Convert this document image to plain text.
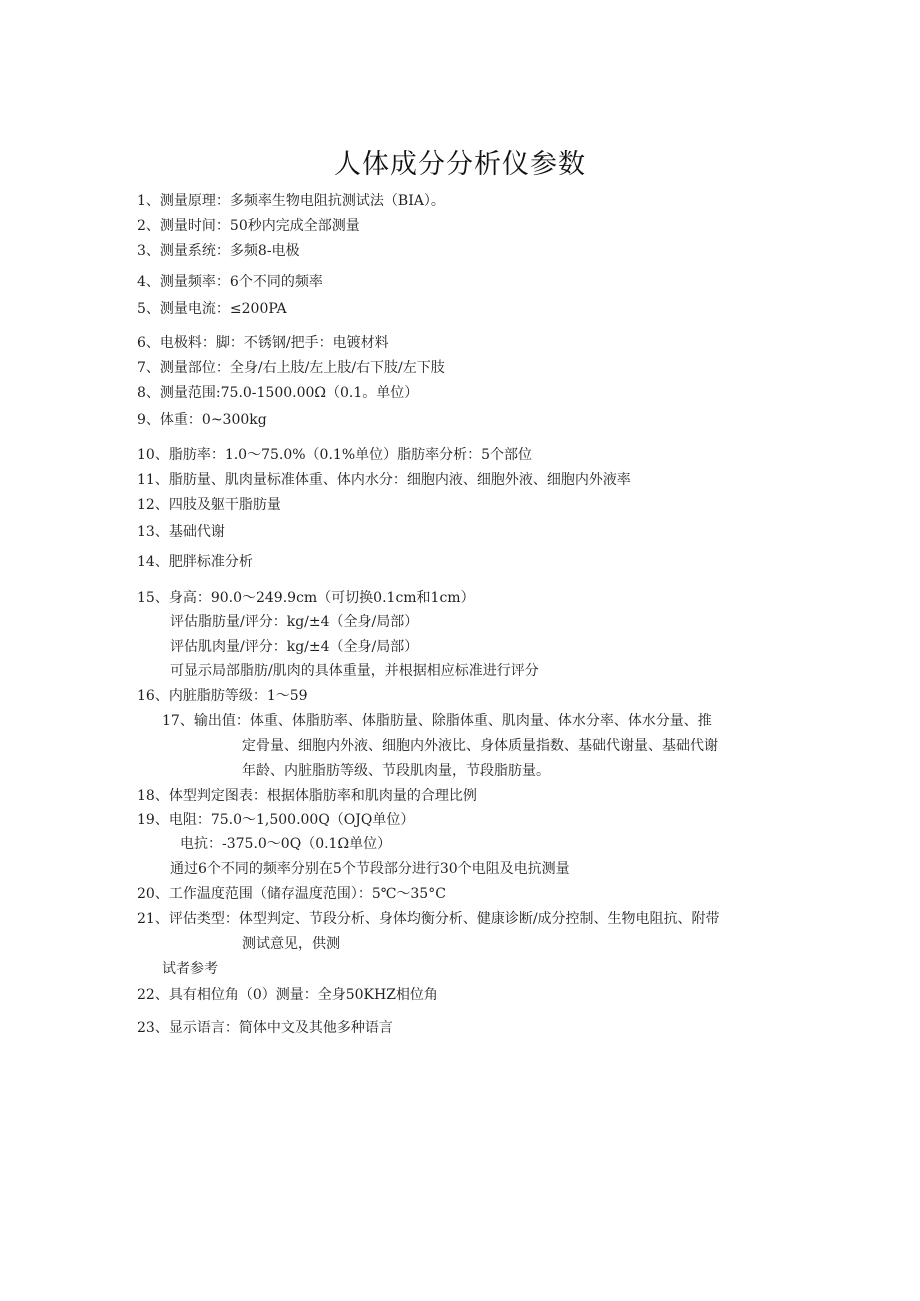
人体成分分析仪参数
1、测量原理：多频率生物电阻抗测试法（BIA）。
2、测量时间：50秒内完成全部测量
3、测量系统：多频8-电极
4、测量频率：6个不同的频率
5、测量电流：≤200PA
6、电极料：脚：不锈钢/把手：电镀材料
7、测量部位：全身/右上肢/左上肢/右下肢/左下肢
8、测量范围:75.0-1500.00Ω（0.1。单位）
9、体重：0~300kg
10、脂肪率：1.0～75.0%（0.1%单位）脂肪率分析：5个部位
11、脂肪量、肌肉量标准体重、体内水分：细胞内液、细胞外液、细胞内外液率
12、四肢及躯干脂肪量
13、基础代谢
14、肥胖标准分析
15、身高：90.0～249.9cm（可切换0.1cm和1cm）
评估脂肪量/评分：kg∕±4（全身/局部）
评估肌肉量/评分：kg∕±4（全身/局部）
可显示局部脂肪/肌肉的具体重量，并根据相应标准进行评分
16、内脏脂肪等级：1～59
17、输出值：体重、体脂肪率、体脂肪量、除脂体重、肌肉量、体水分率、体水分量、推
定骨量、细胞内外液、细胞内外液比、身体质量指数、基础代谢量、基础代谢
年龄、内脏脂肪等级、节段肌肉量，节段脂肪量。
18、体型判定图表：根据体脂肪率和肌肉量的合理比例
19、电阻：75.0～1,500.00Q（OJQ单位）
电抗：-375.0～0Q（0.1Ω单位）
通过6个不同的频率分别在5个节段部分进行30个电阻及电抗测量
20、工作温度范围（储存温度范围）：5℃～35°C
21、评估类型：体型判定、节段分析、身体均衡分析、健康诊断/成分控制、生物电阻抗、附带
测试意见，供测
试者参考
22、具有相位角（0）测量：全身50KHZ相位角
23、显示语言：简体中文及其他多种语言
